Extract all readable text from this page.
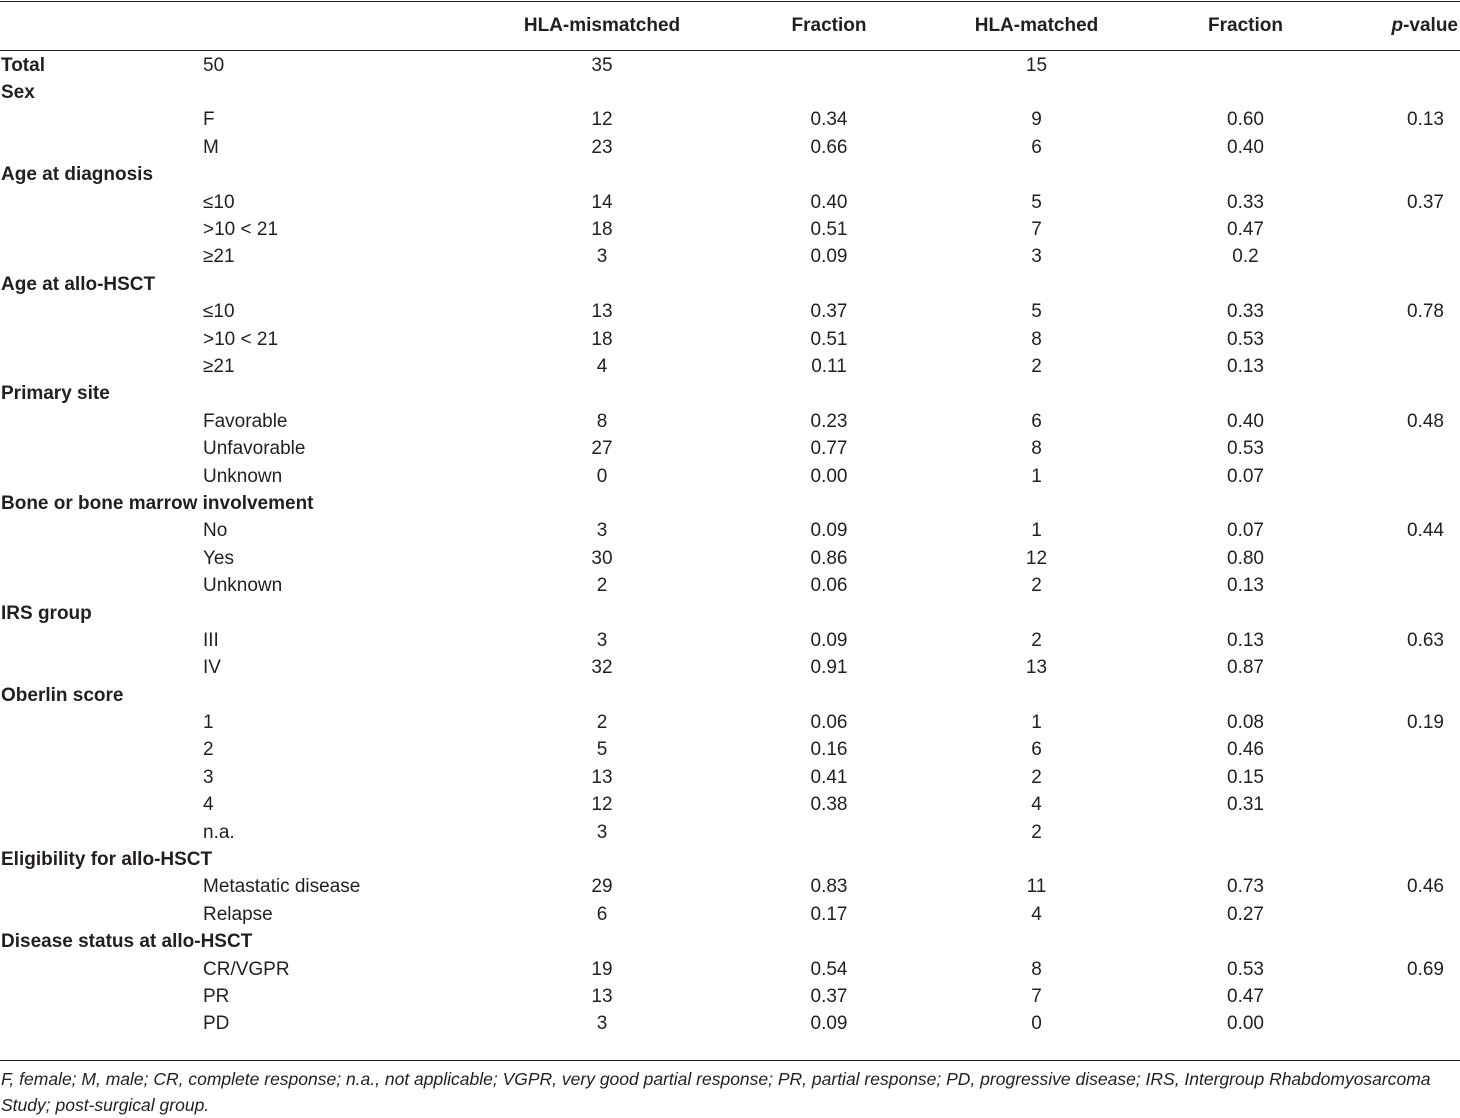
		HLA-mismatched	Fraction	HLA-matched	Fraction	p-value
Total	50	35		15		
Sex						
	F	12	0.34	9	0.60	0.13
	M	23	0.66	6	0.40	
Age at diagnosis						
	≤10	14	0.40	5	0.33	0.37
	>10 < 21	18	0.51	7	0.47	
	≥21	3	0.09	3	0.2	
Age at allo-HSCT						
	≤10	13	0.37	5	0.33	0.78
	>10 < 21	18	0.51	8	0.53	
	≥21	4	0.11	2	0.13	
Primary site						
	Favorable	8	0.23	6	0.40	0.48
	Unfavorable	27	0.77	8	0.53	
	Unknown	0	0.00	1	0.07	
Bone or bone marrow involvement						
	No	3	0.09	1	0.07	0.44
	Yes	30	0.86	12	0.80	
	Unknown	2	0.06	2	0.13	
IRS group						
	III	3	0.09	2	0.13	0.63
	IV	32	0.91	13	0.87	
Oberlin score						
	1	2	0.06	1	0.08	0.19
	2	5	0.16	6	0.46	
	3	13	0.41	2	0.15	
	4	12	0.38	4	0.31	
	n.a.	3		2		
Eligibility for allo-HSCT						
	Metastatic disease	29	0.83	11	0.73	0.46
	Relapse	6	0.17	4	0.27	
Disease status at allo-HSCT						
	CR/VGPR	19	0.54	8	0.53	0.69
	PR	13	0.37	7	0.47	
	PD	3	0.09	0	0.00	
F, female; M, male; CR, complete response; n.a., not applicable; VGPR, very good partial response; PR, partial response; PD, progressive disease; IRS, Intergroup Rhabdomyosarcoma Study; post-surgical group.
